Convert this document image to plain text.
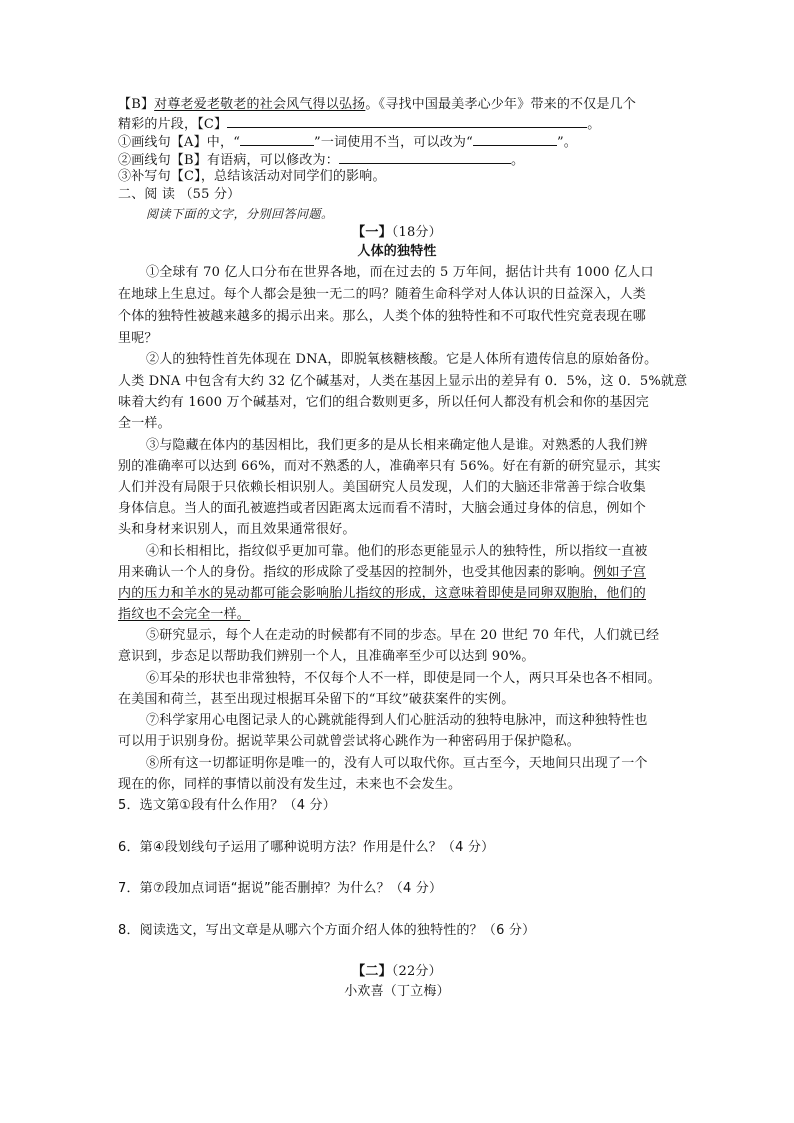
【B】对尊老爱老敬老的社会风气得以弘扬。《寻找中国最美孝心少年》带来的不仅是几个
精彩的片段，【C】	。
①画线句【A】中，“	”一词使用不当，可以改为“	”。
②画线句【B】有语病，可以修改为：	。
③补写句【C】，总结该活动对同学们的影响。
二、阅 读 （55 分）
阅读下面的文字，分别回答问题。
【一】（18分）
人体的独特性
①全球有 70 亿人口分布在世界各地，而在过去的 5 万年间，据估计共有 1000 亿人口
在地球上生息过。每个人都会是独一无二的吗？随着生命科学对人体认识的日益深入，人类
个体的独特性被越来越多的揭示出来。那么，人类个体的独特性和不可取代性究竟表现在哪
里呢？
②人的独特性首先体现在 DNA，即脱氧核糖核酸。它是人体所有遗传信息的原始备份。
人类 DNA 中包含有大约 32 亿个碱基对，人类在基因上显示出的差异有 0．5%，这 0．5%就意
味着大约有 1600 万个碱基对，它们的组合数则更多，所以任何人都没有机会和你的基因完
全一样。
③与隐藏在体内的基因相比，我们更多的是从长相来确定他人是谁。对熟悉的人我们辨
别的准确率可以达到 66%，而对不熟悉的人，准确率只有 56%。好在有新的研究显示，其实
人们并没有局限于只依赖长相识别人。美国研究人员发现，人们的大脑还非常善于综合收集
身体信息。当人的面孔被遮挡或者因距离太远而看不清时，大脑会通过身体的信息，例如个
头和身材来识别人，而且效果通常很好。
④和长相相比，指纹似乎更加可靠。他们的形态更能显示人的独特性，所以指纹一直被
用来确认一个人的身份。指纹的形成除了受基因的控制外，也受其他因素的影响。例如子宫
内的压力和羊水的晃动都可能会影响胎儿指纹的形成，这意味着即使是同卵双胞胎，他们的
指纹也不会完全一样。
⑤研究显示，每个人在走动的时候都有不同的步态。早在 20 世纪 70 年代，人们就已经
意识到，步态足以帮助我们辨别一个人，且准确率至少可以达到 90%。
⑥耳朵的形状也非常独特，不仅每个人不一样，即使是同一个人，两只耳朵也各不相同。
在美国和荷兰，甚至出现过根据耳朵留下的“耳纹”破获案件的实例。
⑦科学家用心电图记录人的心跳就能得到人们心脏活动的独特电脉冲，而这种独特性也
可以用于识别身份。据说苹果公司就曾尝试将心跳作为一种密码用于保护隐私。
⑧所有这一切都证明你是唯一的，没有人可以取代你。亘古至今，天地间只出现了一个
现在的你，同样的事情以前没有发生过，未来也不会发生。
5．选文第①段有什么作用？（4 分）
6．第④段划线句子运用了哪种说明方法？作用是什么？（4 分）
7．第⑦段加点词语“据说”能否删掉？为什么？（4 分）
8．阅读选文，写出文章是从哪六个方面介绍人体的独特性的？（6 分）
【二】（22分）
小欢喜（丁立梅）
